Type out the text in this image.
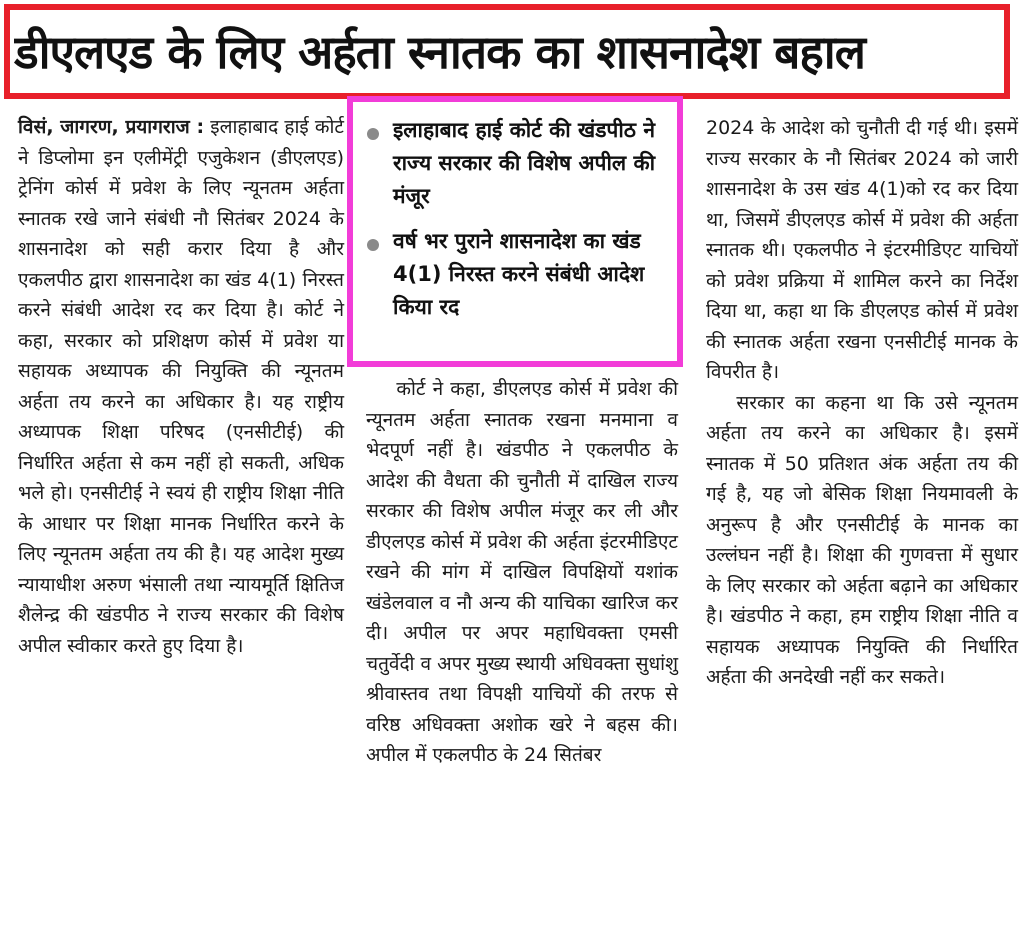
डीएलएड के लिए अर्हता स्नातक का शासनादेश बहाल

विसं, जागरण, प्रयागराज : इलाहाबाद हाई कोर्ट ने डिप्लोमा इन एलीमेंट्री एजुकेशन (डीएलएड) ट्रेनिंग कोर्स में प्रवेश के लिए न्यूनतम अर्हता स्नातक रखे जाने संबंधी नौ सितंबर 2024 के शासनादेश को सही करार दिया है और एकलपीठ द्वारा शासनादेश का खंड 4(1) निरस्त करने संबंधी आदेश रद कर दिया है। कोर्ट ने कहा, सरकार को प्रशिक्षण कोर्स में प्रवेश या सहायक अध्यापक की नियुक्ति की न्यूनतम अर्हता तय करने का अधिकार है। यह राष्ट्रीय अध्यापक शिक्षा परिषद (एनसीटीई) की निर्धारित अर्हता से कम नहीं हो सकती, अधिक भले हो। एनसीटीई ने स्वयं ही राष्ट्रीय शिक्षा नीति के आधार पर शिक्षा मानक निर्धारित करने के लिए न्यूनतम अर्हता तय की है। यह आदेश मुख्य न्यायाधीश अरुण भंसाली तथा न्यायमूर्ति क्षितिज शैलेन्द्र की खंडपीठ ने राज्य सरकार की विशेष अपील स्वीकार करते हुए दिया है।

इलाहाबाद हाई कोर्ट की खंडपीठ ने राज्य सरकार की विशेष अपील की मंजूर
वर्ष भर पुराने शासनादेश का खंड 4(1) निरस्त करने संबंधी आदेश किया रद

कोर्ट ने कहा, डीएलएड कोर्स में प्रवेश की न्यूनतम अर्हता स्नातक रखना मनमाना व भेदपूर्ण नहीं है। खंडपीठ ने एकलपीठ के आदेश की वैधता की चुनौती में दाखिल राज्य सरकार की विशेष अपील मंजूर कर ली और डीएलएड कोर्स में प्रवेश की अर्हता इंटरमीडिएट रखने की मांग में दाखिल विपक्षियों यशांक खंडेलवाल व नौ अन्य की याचिका खारिज कर दी। अपील पर अपर महाधिवक्ता एमसी चतुर्वेदी व अपर मुख्य स्थायी अधिवक्ता सुधांशु श्रीवास्तव तथा विपक्षी याचियों की तरफ से वरिष्ठ अधिवक्ता अशोक खरे ने बहस की। अपील में एकलपीठ के 24 सितंबर

2024 के आदेश को चुनौती दी गई थी। इसमें राज्य सरकार के नौ सितंबर 2024 को जारी शासनादेश के उस खंड 4(1)को रद कर दिया था, जिसमें डीएलएड कोर्स में प्रवेश की अर्हता स्नातक थी। एकलपीठ ने इंटरमीडिएट याचियों को प्रवेश प्रक्रिया में शामिल करने का निर्देश दिया था, कहा था कि डीएलएड कोर्स में प्रवेश की स्नातक अर्हता रखना एनसीटीई मानक के विपरीत है।

सरकार का कहना था कि उसे न्यूनतम अर्हता तय करने का अधिकार है। इसमें स्नातक में 50 प्रतिशत अंक अर्हता तय की गई है, यह जो बेसिक शिक्षा नियमावली के अनुरूप है और एनसीटीई के मानक का उल्लंघन नहीं है। शिक्षा की गुणवत्ता में सुधार के लिए सरकार को अर्हता बढ़ाने का अधिकार है। खंडपीठ ने कहा, हम राष्ट्रीय शिक्षा नीति व सहायक अध्यापक नियुक्ति की निर्धारित अर्हता की अनदेखी नहीं कर सकते।
